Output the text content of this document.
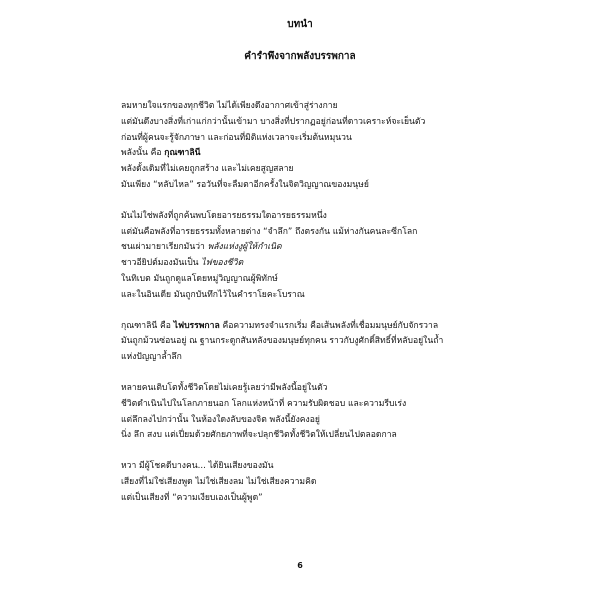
บทนำ
คำรำพึงจากพลังบรรพกาล
ลมหายใจแรกของทุกชีวิต ไม่ได้เพียงดึงอากาศเข้าสู่ร่างกาย
แต่มันดึงบางสิ่งที่เก่าแก่กว่านั้นเข้ามา บางสิ่งที่ปรากฏอยู่ก่อนที่ดาวเคราะห์จะเย็นตัว
ก่อนที่ผู้คนจะรู้จักภาษา และก่อนที่มิติแห่งเวลาจะเริ่มต้นหมุนวน
พลังนั้น คือ กุณฑาลินี
พลังดั้งเดิมที่ไม่เคยถูกสร้าง และไม่เคยสูญสลาย
มันเพียง “หลับไหล” รอวันที่จะลืมตาอีกครั้งในจิตวิญญาณของมนุษย์
มันไม่ใช่พลังที่ถูกค้นพบโดยอารยธรรมใดอารยธรรมหนึ่ง
แต่มันคือพลังที่อารยธรรมทั้งหลายต่าง “จำลึก” ถึงตรงกัน แม้ห่างกันคนละซีกโลก
ชนเผ่ามายาเรียกมันว่า พลังแห่งงูผู้ให้กำเนิด
ชาวอียิปต์มองมันเป็น ไฟของชีวิต
ในทิเบต มันถูกดูแลโดยหมู่วิญญาณผู้พิทักษ์
และในอินเดีย มันถูกบันทึกไว้ในคำราโยคะโบราณ
กุณฑาลินี คือ ไฟบรรพกาล คือความทรงจำแรกเริ่ม คือเส้นพลังที่เชื่อมมนุษย์กับจักรวาล
มันถูกม้วนซ่อนอยู่ ณ ฐานกระดูกสันหลังของมนุษย์ทุกคน ราวกับงูศักดิ์สิทธิ์ที่หลับอยู่ในถ้ำ
แห่งปัญญาล้ำลึก
หลายคนเติบโตทั้งชีวิตโดยไม่เคยรู้เลยว่ามีพลังนี้อยู่ในตัว
ชีวิตดำเนินไปในโลกภายนอก โลกแห่งหน้าที่ ความรับผิดชอบ และความรีบเร่ง
แต่ลึกลงไปกว่านั้น ในห้องใดงลับของจิต พลังนี้ยังคงอยู่
นิ่ง ลึก สงบ แต่เปี่ยมด้วยศักยภาพที่จะปลุกชีวิตทั้งชีวิตให้เปลี่ยนไปตลอดกาล
หวา มีผู้โชคดีบางคน... ได้ยินเสียงของมัน
เสียงที่ไม่ใช่เสียงพูด ไม่ใช่เสียงลม ไม่ใช่เสียงความคิด
แต่เป็นเสียงที่ “ความเงียบเองเป็นผู้พูด”
6
